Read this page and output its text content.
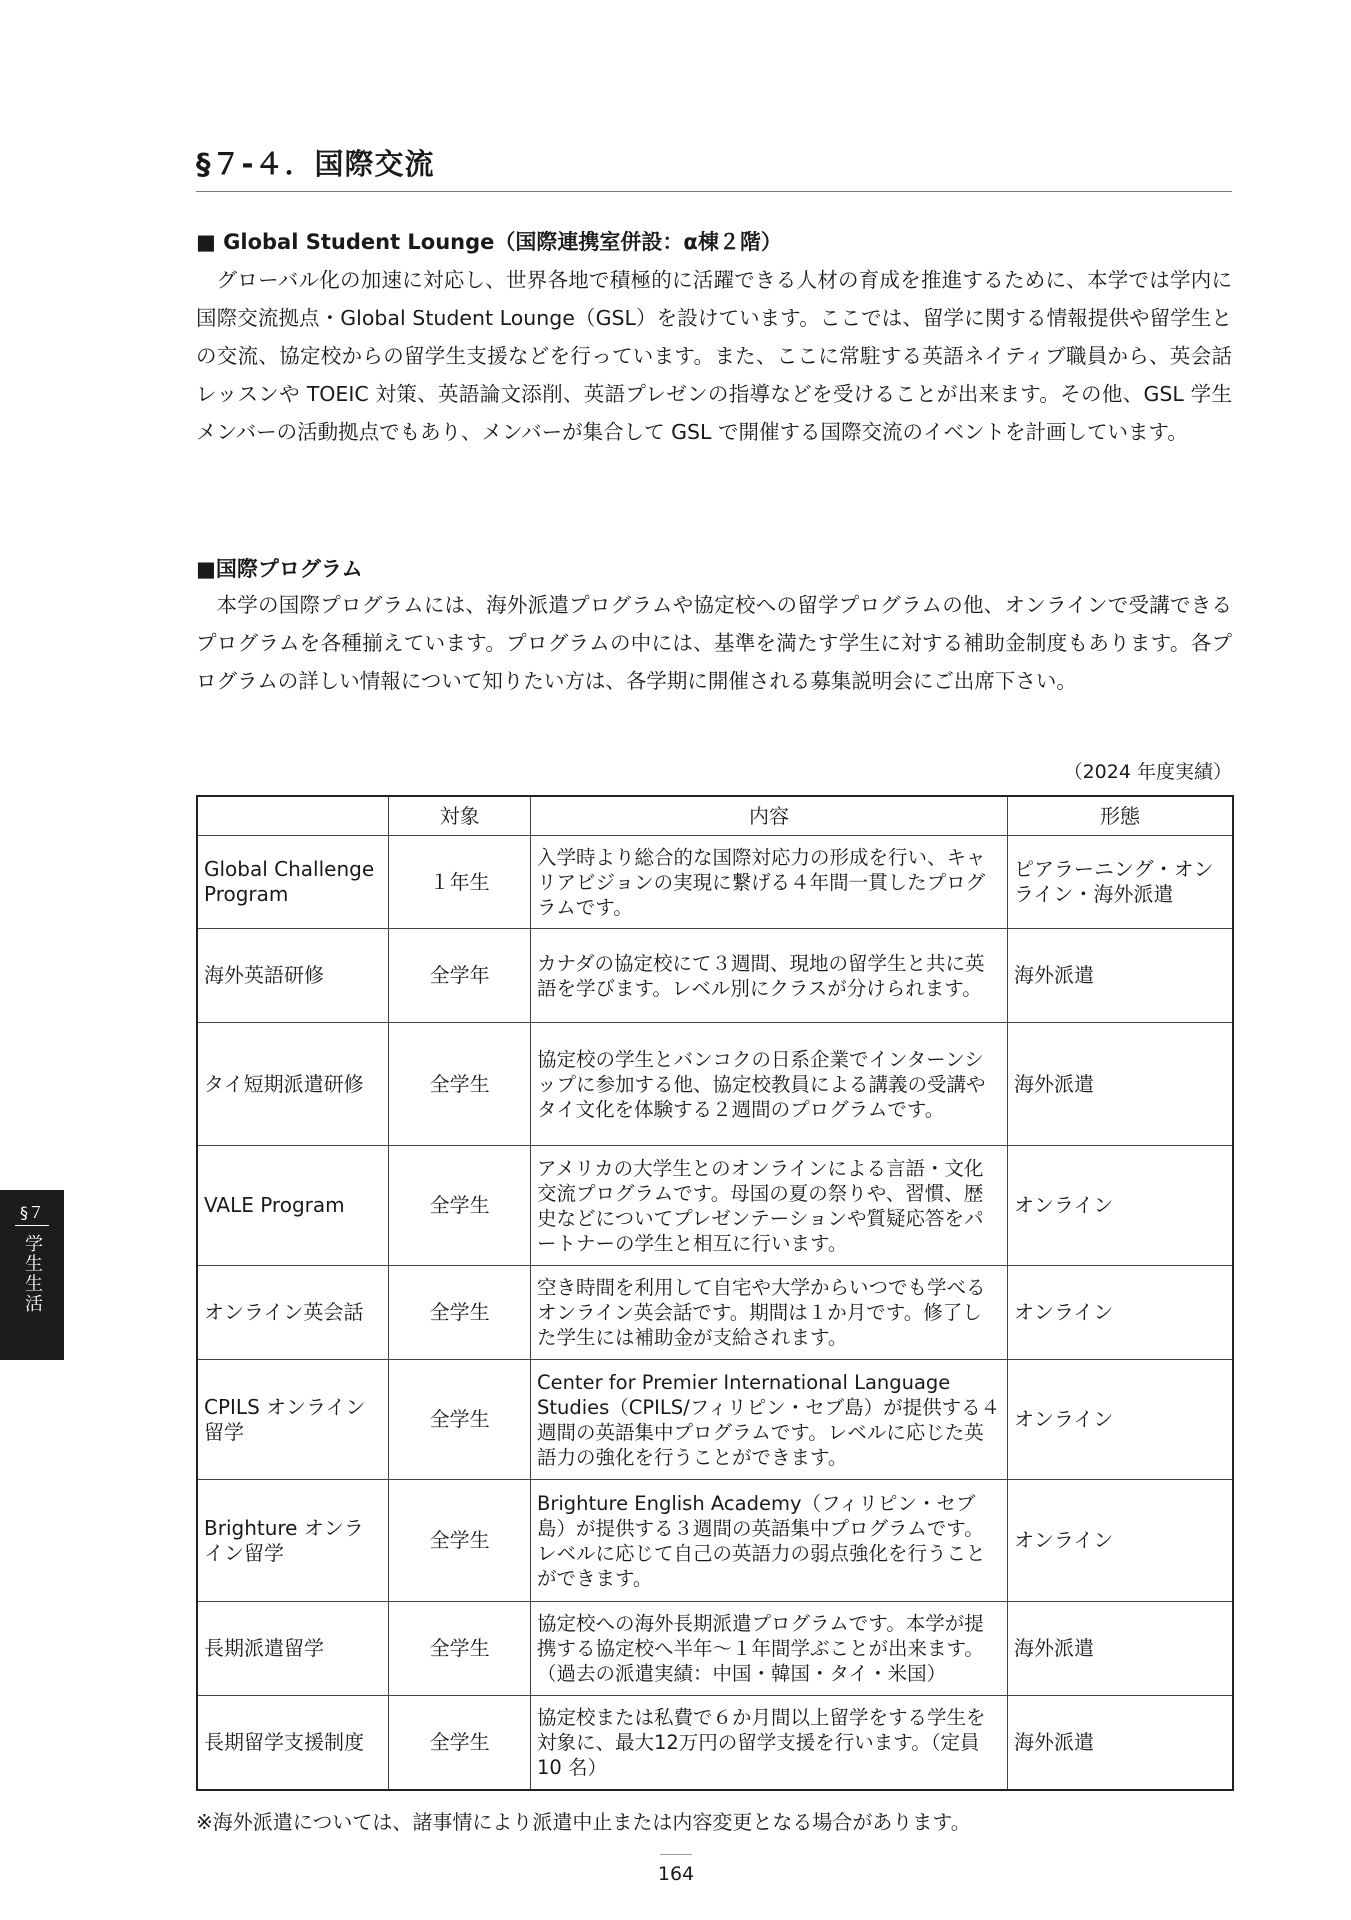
§７-４．国際交流
■ Global Student Lounge（国際連携室併設：α棟２階）

グローバル化の加速に対応し、世界各地で積極的に活躍できる人材の育成を推進するために、本学では学内に国際交流拠点・Global Student Lounge（GSL）を設けています。ここでは、留学に関する情報提供や留学生との交流、協定校からの留学生支援などを行っています。また、ここに常駐する英語ネイティブ職員から、英会話レッスンや TOEIC 対策、英語論文添削、英語プレゼンの指導などを受けることが出来ます。その他、GSL 学生メンバーの活動拠点でもあり、メンバーが集合して GSL で開催する国際交流のイベントを計画しています。

■国際プログラム

本学の国際プログラムには、海外派遣プログラムや協定校への留学プログラムの他、オンラインで受講できるプログラムを各種揃えています。プログラムの中には、基準を満たす学生に対する補助金制度もあります。各プログラムの詳しい情報について知りたい方は、各学期に開催される募集説明会にご出席下さい。

（2024 年度実績）
	対象	内容	形態
Global Challenge Program	１年生	入学時より総合的な国際対応力の形成を行い、キャリアビジョンの実現に繋げる４年間一貫したプログラムです。	ピアラーニング・オンライン・海外派遣
海外英語研修	全学年	カナダの協定校にて３週間、現地の留学生と共に英語を学びます。レベル別にクラスが分けられます。	海外派遣
タイ短期派遣研修	全学生	協定校の学生とバンコクの日系企業でインターンシップに参加する他、協定校教員による講義の受講やタイ文化を体験する２週間のプログラムです。	海外派遣
VALE Program	全学生	アメリカの大学生とのオンラインによる言語・文化交流プログラムです。母国の夏の祭りや、習慣、歴史などについてプレゼンテーションや質疑応答をパートナーの学生と相互に行います。	オンライン
オンライン英会話	全学生	空き時間を利用して自宅や大学からいつでも学べるオンライン英会話です。期間は１か月です。修了した学生には補助金が支給されます。	オンライン
CPILS オンライン留学	全学生	Center for Premier International Language Studies（CPILS/フィリピン・セブ島）が提供する４週間の英語集中プログラムです。レベルに応じた英語力の強化を行うことができます。	オンライン
Brighture オンライン留学	全学生	Brighture English Academy（フィリピン・セブ島）が提供する３週間の英語集中プログラムです。レベルに応じて自己の英語力の弱点強化を行うことができます。	オンライン
長期派遣留学	全学生	協定校への海外長期派遣プログラムです。本学が提携する協定校へ半年〜１年間学ぶことが出来ます。（過去の派遣実績：中国・韓国・タイ・米国）	海外派遣
長期留学支援制度	全学生	協定校または私費で６か月間以上留学をする学生を対象に、最大12万円の留学支援を行います。（定員 10 名）	海外派遣
※海外派遣については、諸事情により派遣中止または内容変更となる場合があります。
164
§７
学生生活
